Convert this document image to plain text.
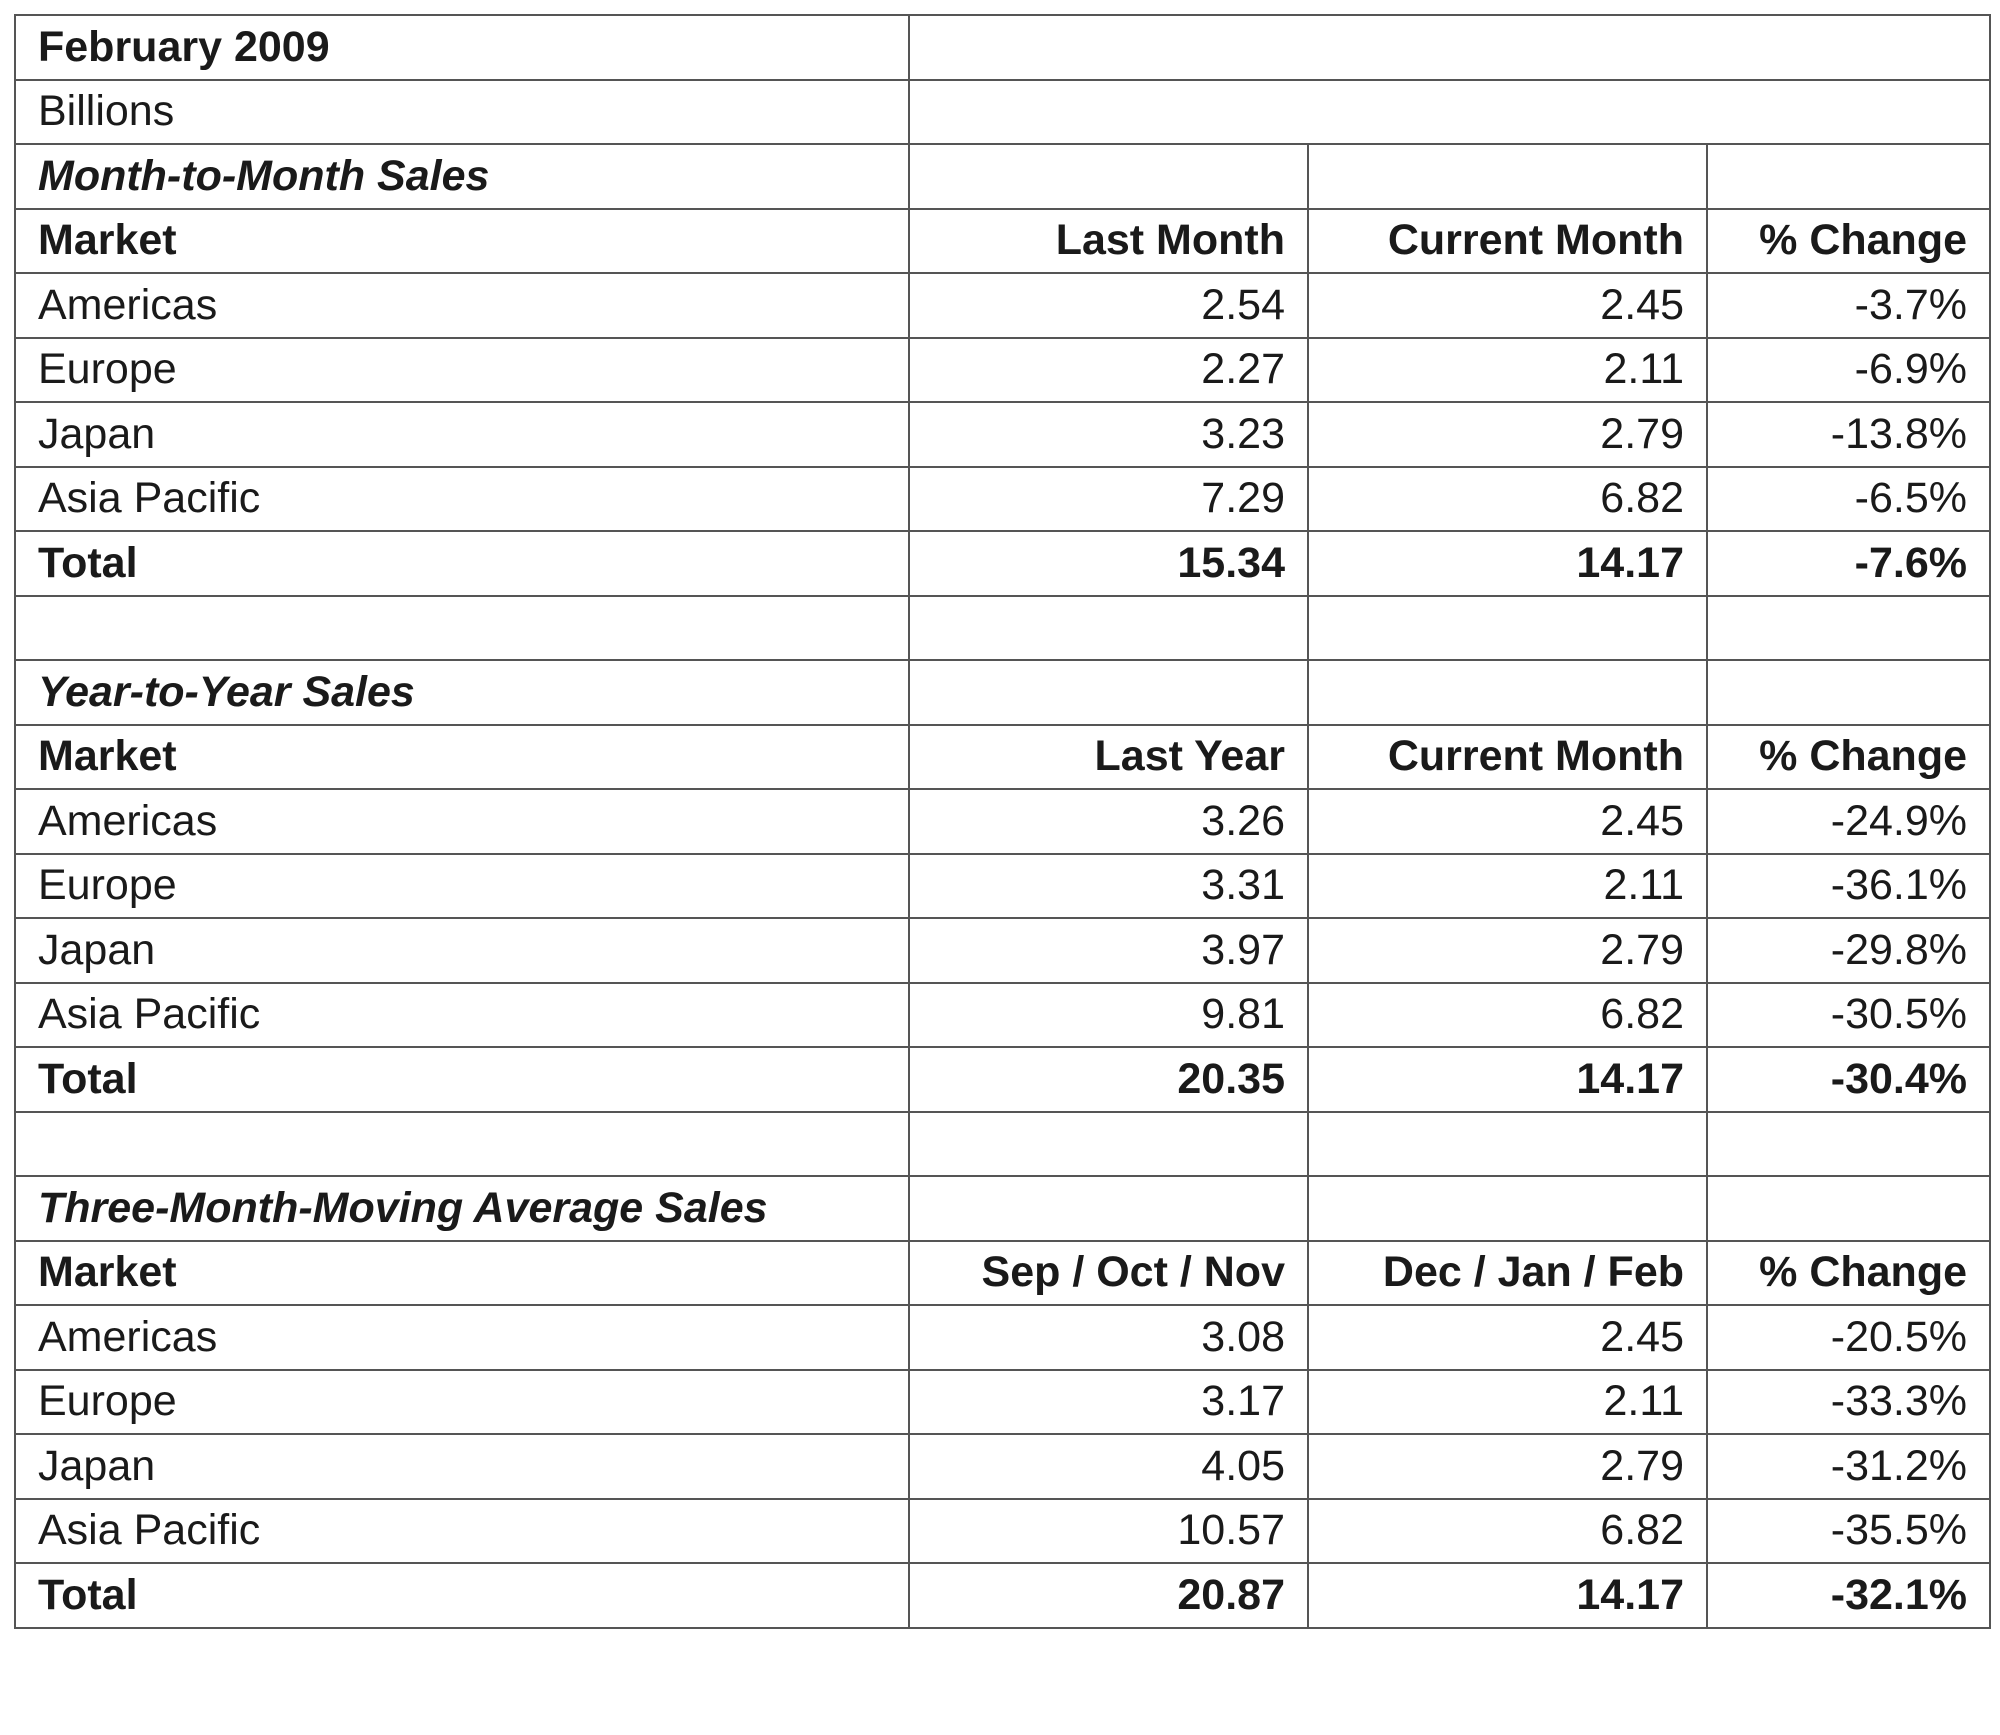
February 2009			
Billions			
Month-to-Month Sales			
Market	Last Month	Current Month	% Change
Americas	2.54	2.45	-3.7%
Europe	2.27	2.11	-6.9%
Japan	3.23	2.79	-13.8%
Asia Pacific	7.29	6.82	-6.5%
Total	15.34	14.17	-7.6%

Year-to-Year Sales			
Market	Last Year	Current Month	% Change
Americas	3.26	2.45	-24.9%
Europe	3.31	2.11	-36.1%
Japan	3.97	2.79	-29.8%
Asia Pacific	9.81	6.82	-30.5%
Total	20.35	14.17	-30.4%

Three-Month-Moving Average Sales			
Market	Sep / Oct / Nov	Dec / Jan / Feb	% Change
Americas	3.08	2.45	-20.5%
Europe	3.17	2.11	-33.3%
Japan	4.05	2.79	-31.2%
Asia Pacific	10.57	6.82	-35.5%
Total	20.87	14.17	-32.1%
